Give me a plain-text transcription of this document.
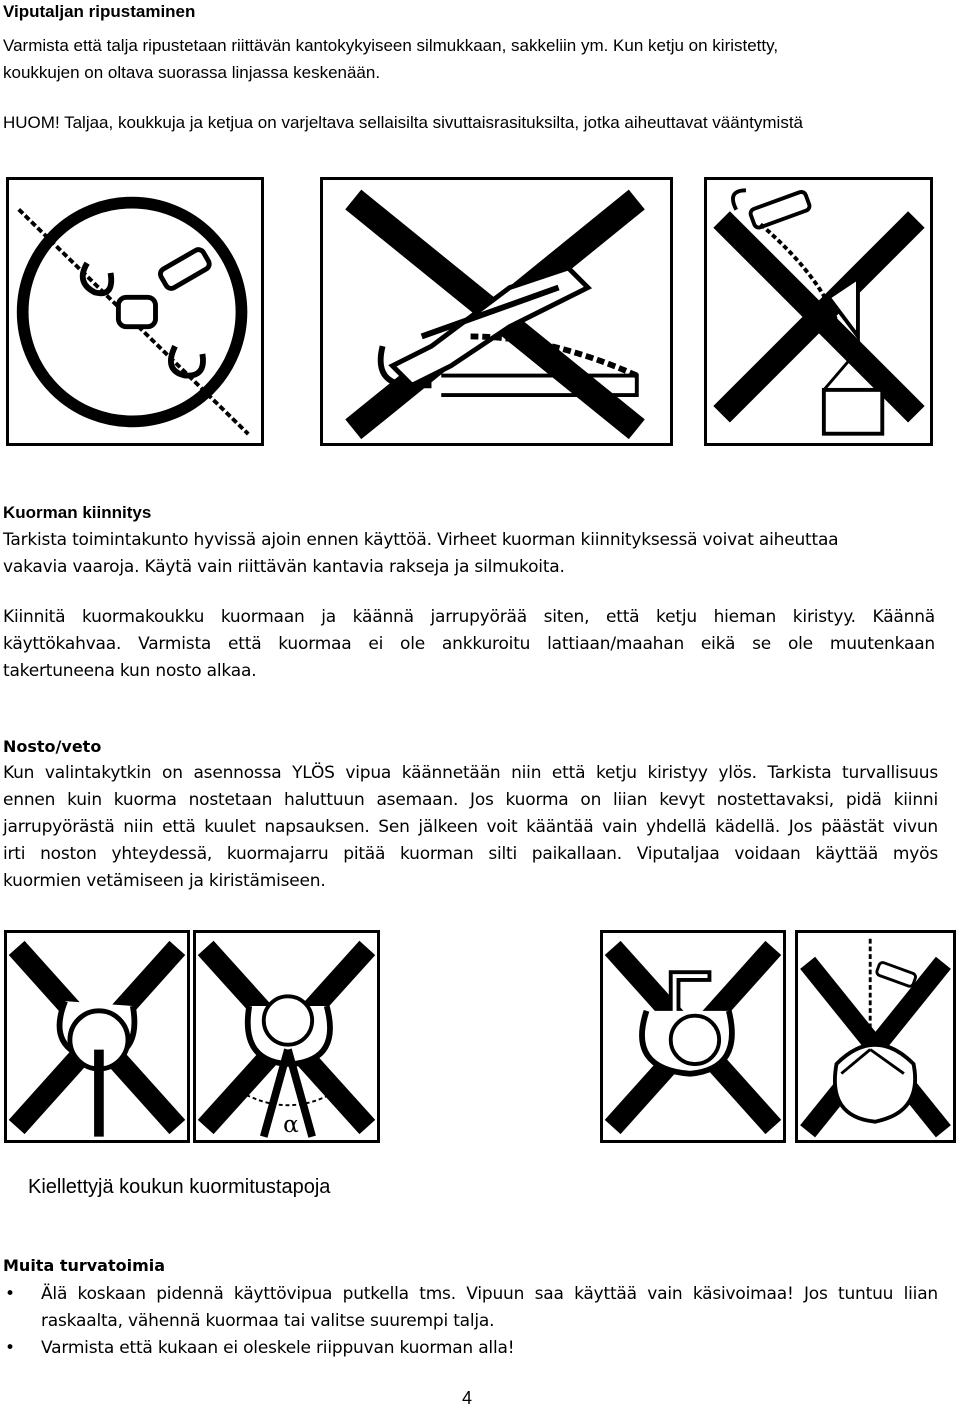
Viputaljan ripustaminen
Varmista että talja ripustetaan riittävän kantokykyiseen silmukkaan, sakkeliin ym. Kun ketju on kiristetty,
koukkujen on oltava suorassa linjassa keskenään.
HUOM! Taljaa, koukkuja ja ketjua on varjeltava sellaisilta sivuttaisrasituksilta, jotka aiheuttavat vääntymistä
Kuorman kiinnitys
Tarkista toimintakunto hyvissä ajoin ennen käyttöä. Virheet kuorman kiinnityksessä voivat aiheuttaa
vakavia vaaroja. Käytä vain riittävän kantavia rakseja ja silmukoita.
Kiinnitä kuormakoukku kuormaan ja käännä jarrupyörää siten, että ketju hieman kiristyy. Käännä
käyttökahvaa. Varmista että kuormaa ei ole ankkuroitu lattiaan/maahan eikä se ole muutenkaan
takertuneena kun nosto alkaa.
Nosto/veto
Kun valintakytkin on asennossa YLÖS vipua käännetään niin että ketju kiristyy ylös. Tarkista turvallisuus
ennen kuin kuorma nostetaan haluttuun asemaan. Jos kuorma on liian kevyt nostettavaksi, pidä kiinni
jarrupyörästä niin että kuulet napsauksen. Sen jälkeen voit kääntää vain yhdellä kädellä. Jos päästät vivun
irti noston yhteydessä, kuormajarru pitää kuorman silti paikallaan. Viputaljaa voidaan käyttää myös
kuormien vetämiseen ja kiristämiseen.
α
Kiellettyjä koukun kuormitustapoja
Muita turvatoimia
• Älä koskaan pidennä käyttövipua putkella tms. Vipuun saa käyttää vain käsivoimaa! Jos tuntuu liian
raskaalta, vähennä kuormaa tai valitse suurempi talja.
• Varmista että kukaan ei oleskele riippuvan kuorman alla!
4
